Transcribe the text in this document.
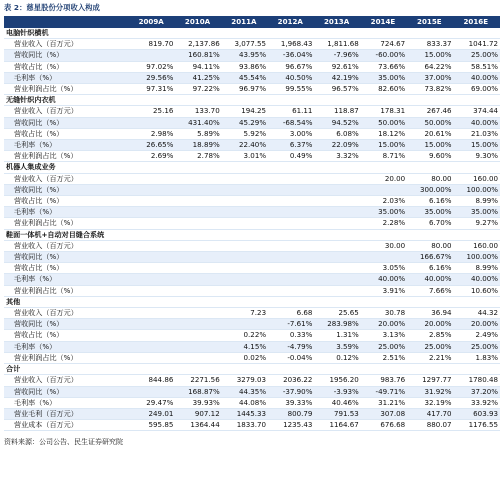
表 2：慈星股份分项收入构成
	2009A	2010A	2011A	2012A	2013A	2014E	2015E	2016E
电脑针织横机								
营业收入（百万元）	819.70	2,137.86	3,077.55	1,968.43	1,811.68	724.67	833.37	1041.72
营收同比（%）		160.81%	43.95%	-36.04%	-7.96%	-60.00%	15.00%	25.00%
营收占比（%）	97.02%	94.11%	93.86%	96.67%	92.61%	73.66%	64.22%	58.51%
毛利率（%）	29.56%	41.25%	45.54%	40.50%	42.19%	35.00%	37.00%	40.00%
营业利润占比（%）	97.31%	97.22%	96.97%	99.55%	96.57%	82.60%	73.82%	69.00%
无缝针织内衣机								
营业收入（百万元）	25.16	133.70	194.25	61.11	118.87	178.31	267.46	374.44
营收同比（%）		431.40%	45.29%	-68.54%	94.52%	50.00%	50.00%	40.00%
营收占比（%）	2.98%	5.89%	5.92%	3.00%	6.08%	18.12%	20.61%	21.03%
毛利率（%）	26.65%	18.89%	22.40%	6.37%	22.09%	15.00%	15.00%	15.00%
营业利润占比（%）	2.69%	2.78%	3.01%	0.49%	3.32%	8.71%	9.60%	9.30%
机器人集成业务								
营业收入（百万元）						20.00	80.00	160.00
营收同比（%）							300.00%	100.00%
营收占比（%）						2.03%	6.16%	8.99%
毛利率（%）						35.00%	35.00%	35.00%
营业利润占比（%）						2.28%	6.70%	9.27%
鞋面一体机+自动对目缝合系统								
营业收入（百万元）						30.00	80.00	160.00
营收同比（%）							166.67%	100.00%
营收占比（%）						3.05%	6.16%	8.99%
毛利率（%）						40.00%	40.00%	40.00%
营业利润占比（%）						3.91%	7.66%	10.60%
其他								
营业收入（百万元）			7.23	6.68	25.65	30.78	36.94	44.32
营收同比（%）				-7.61%	283.98%	20.00%	20.00%	20.00%
营收占比（%）			0.22%	0.33%	1.31%	3.13%	2.85%	2.49%
毛利率（%）			4.15%	-4.79%	3.59%	25.00%	25.00%	25.00%
营业利润占比（%）			0.02%	-0.04%	0.12%	2.51%	2.21%	1.83%
合计								
营业收入（百万元）	844.86	2271.56	3279.03	2036.22	1956.20	983.76	1297.77	1780.48
营收同比（%）		168.87%	44.35%	-37.90%	-3.93%	-49.71%	31.92%	37.20%
毛利率（%）	29.47%	39.93%	44.08%	39.33%	40.46%	31.21%	32.19%	33.92%
营业毛利（百万元）	249.01	907.12	1445.33	800.79	791.53	307.08	417.70	603.93
营业成本（百万元）	595.85	1364.44	1833.70	1235.43	1164.67	676.68	880.07	1176.55
资料来源：公司公告、民生证券研究院
